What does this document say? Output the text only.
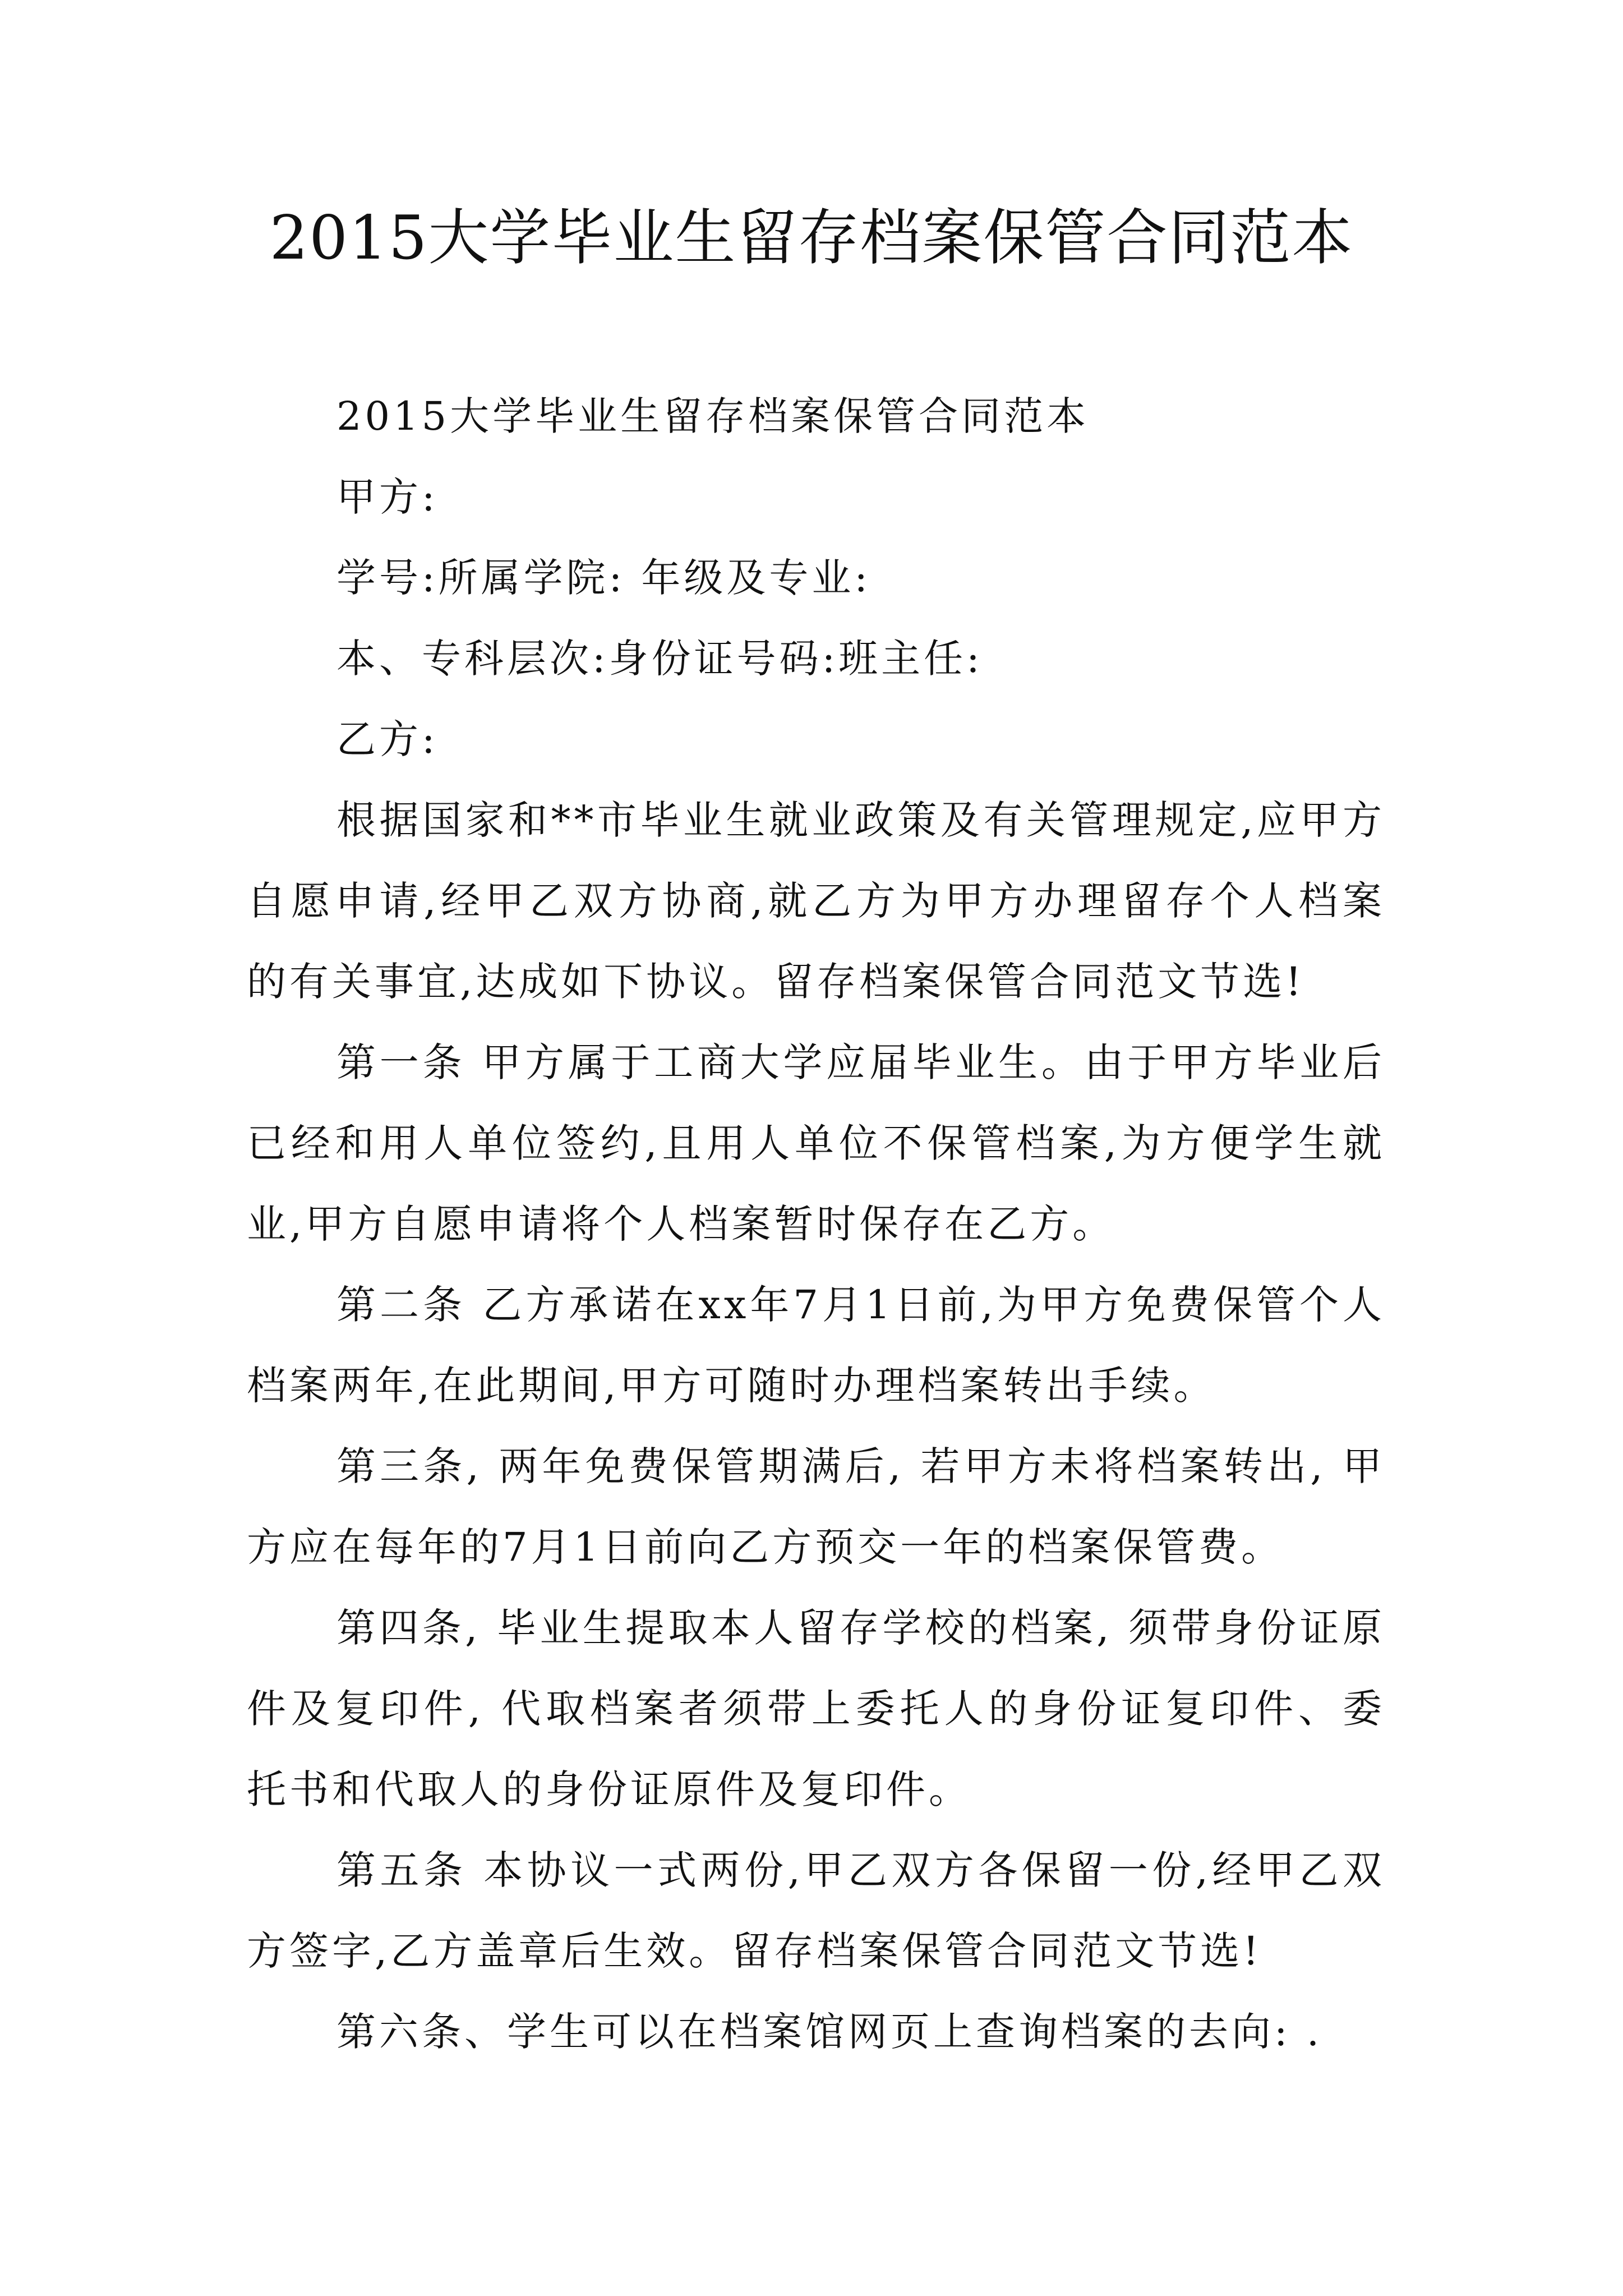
2015大学毕业生留存档案保管合同范本

2015大学毕业生留存档案保管合同范本

甲方:

学号:所属学院: 年级及专业:

本、专科层次:身份证号码:班主任:

乙方:

根据国家和**市毕业生就业政策及有关管理规定,应甲方自愿申请,经甲乙双方协商,就乙方为甲方办理留存个人档案的有关事宜,达成如下协议。留存档案保管合同范文节选!

第一条 甲方属于工商大学应届毕业生。由于甲方毕业后已经和用人单位签约,且用人单位不保管档案,为方便学生就业,甲方自愿申请将个人档案暂时保存在乙方。

第二条 乙方承诺在xx年7月1日前,为甲方免费保管个人档案两年,在此期间,甲方可随时办理档案转出手续。

第三条, 两年免费保管期满后, 若甲方未将档案转出, 甲方应在每年的7月1日前向乙方预交一年的档案保管费。

第四条, 毕业生提取本人留存学校的档案, 须带身份证原件及复印件, 代取档案者须带上委托人的身份证复印件、委托书和代取人的身份证原件及复印件。

第五条 本协议一式两份,甲乙双方各保留一份,经甲乙双方签字,乙方盖章后生效。留存档案保管合同范文节选!

第六条、学生可以在档案馆网页上查询档案的去向: .
